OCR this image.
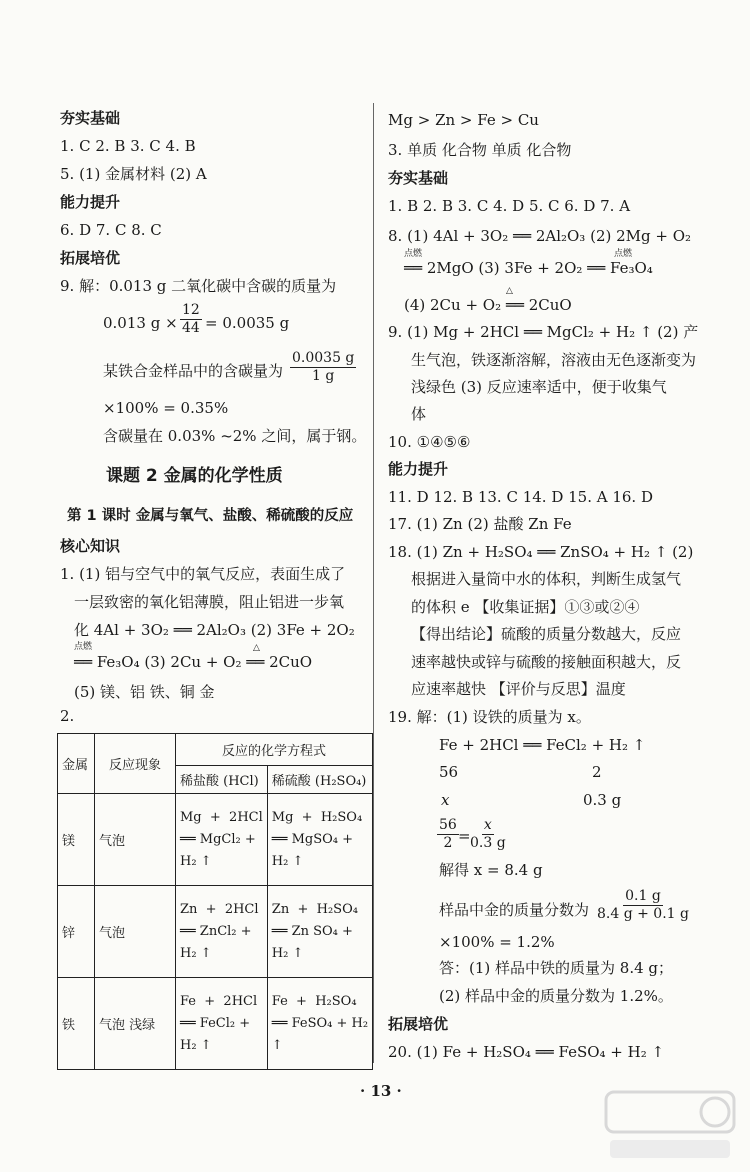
夯实基础
1. C 2. B 3. C 4. B
5. (1) 金属材料 (2) A
能力提升
6. D 7. C 8. C
拓展培优
9. 解：0.013 g 二氧化碳中含碳的质量为
0.013 $g \times \frac{12}{44} = 0.0035$ g
某铁合金样品中的含碳量为 $\frac{0.0035 g}{1 g}$
×100% = 0.35%
含碳量在 0.03% ~2% 之间，属于钢。
课题 2 金属的化学性质
第 1 课时 金属与氧气、盐酸、稀硫酸的反应
核心知识
1. (1) 铝与空气中的氧气反应，表面生成了
一层致密的氧化铝薄膜，阻止铝进一步氧
化 4Al + 3O₂ ══ 2Al₂O₃ (2) 3Fe + 2O₂
点燃
══ Fe₃O₄ (3) 2Cu + O₂ ══ 2CuO
△
(5) 镁、铝 铁、铜 金
2.
金属	反应现象	反应的化学方程式	
		稀盐酸 (HCl)	稀硫酸 (H₂SO₄)
镁	气泡	Mg  +  2HCl
══ MgCl₂ +
H₂ ↑	Mg  +  H₂SO₄
══ MgSO₄ +
H₂ ↑
锌	气泡	Zn  +  2HCl
══ ZnCl₂ +
H₂ ↑	Zn  +  H₂SO₄
══ Zn SO₄ +
H₂ ↑
铁	气泡 浅绿	Fe  +  2HCl
══ FeCl₂ +
H₂ ↑	Fe  +  H₂SO₄
══ FeSO₄ + H₂
↑
Mg > Zn > Fe > Cu
3. 单质 化合物 单质 化合物
夯实基础
1. B 2. B 3. C 4. D 5. C 6. D 7. A
8. (1) 4Al + 3O₂ ══ 2Al₂O₃ (2) 2Mg + O₂
点燃	点燃
══ 2MgO (3) 3Fe + 2O₂ ══ Fe₃O₄
△
(4) 2Cu + O₂ ══ 2CuO
9. (1) Mg + 2HCl ══ MgCl₂ + H₂ ↑ (2) 产
生气泡，铁逐渐溶解，溶液由无色逐渐变为
浅绿色 (3) 反应速率适中，便于收集气
体
10. ①④⑤⑥
能力提升
11. D 12. B 13. C 14. D 15. A 16. D
17. (1) Zn (2) 盐酸 Zn Fe
18. (1) Zn + H₂SO₄ ══ ZnSO₄ + H₂ ↑ (2)
根据进入量筒中水的体积，判断生成氢气
的体积 e 【收集证据】①③或②④
【得出结论】硫酸的质量分数越大，反应
速率越快或锌与硫酸的接触面积越大，反
应速率越快 【评价与反思】温度
19. 解：(1) 设铁的质量为 x。
Fe + 2HCl ══ FeCl₂ + H₂ ↑
56	2
x	0.3 g
$\frac{56}{2} = \frac{x}{0.3 g}$
解得 x = 8.4 g
样品中金的质量分数为 $\frac{0.1 g}{8.4 g + 0.1 g}$
×100% = 1.2%
答：(1) 样品中铁的质量为 8.4 g；
(2) 样品中金的质量分数为 1.2%。
拓展培优
20. (1) Fe + H₂SO₄ ══ FeSO₄ + H₂ ↑
· 13 ·
